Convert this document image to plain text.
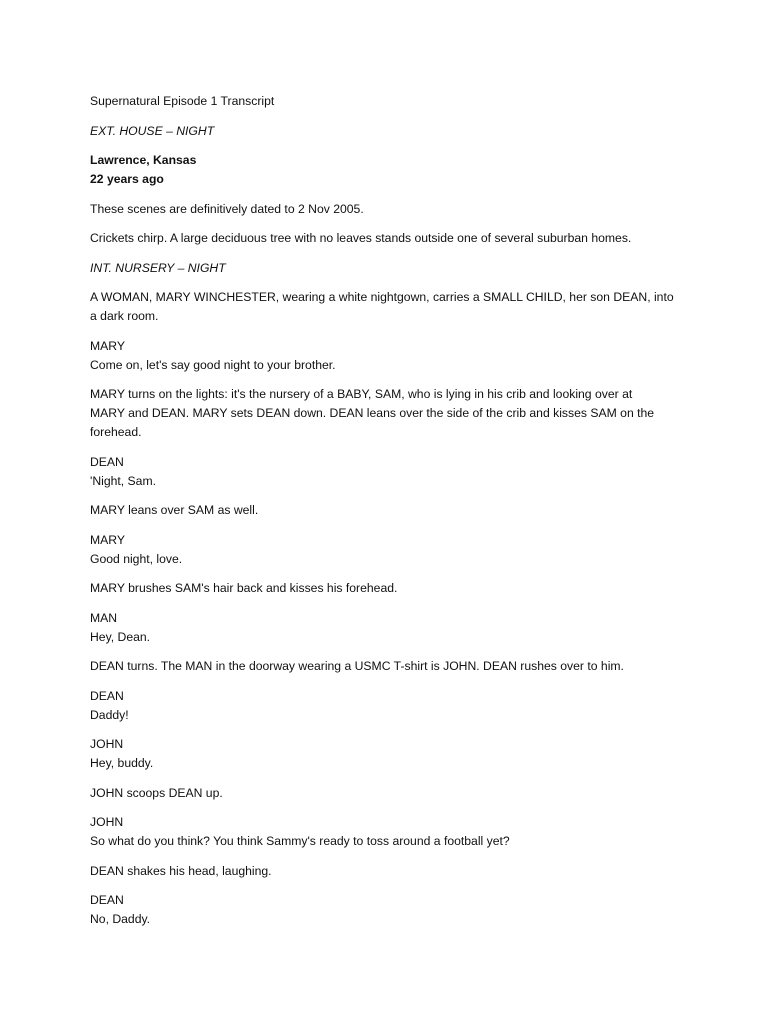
Supernatural Episode 1 Transcript
EXT. HOUSE – NIGHT
Lawrence, Kansas
22 years ago
These scenes are definitively dated to 2 Nov 2005.
Crickets chirp. A large deciduous tree with no leaves stands outside one of several suburban homes.
INT. NURSERY – NIGHT
A WOMAN, MARY WINCHESTER, wearing a white nightgown, carries a SMALL CHILD, her son DEAN, into
a dark room.
MARY
Come on, let's say good night to your brother.
MARY turns on the lights: it's the nursery of a BABY, SAM, who is lying in his crib and looking over at
MARY and DEAN. MARY sets DEAN down. DEAN leans over the side of the crib and kisses SAM on the
forehead.
DEAN
'Night, Sam.
MARY leans over SAM as well.
MARY
Good night, love.
MARY brushes SAM's hair back and kisses his forehead.
MAN
Hey, Dean.
DEAN turns. The MAN in the doorway wearing a USMC T-shirt is JOHN. DEAN rushes over to him.
DEAN
Daddy!
JOHN
Hey, buddy.
JOHN scoops DEAN up.
JOHN
So what do you think? You think Sammy's ready to toss around a football yet?
DEAN shakes his head, laughing.
DEAN
No, Daddy.
